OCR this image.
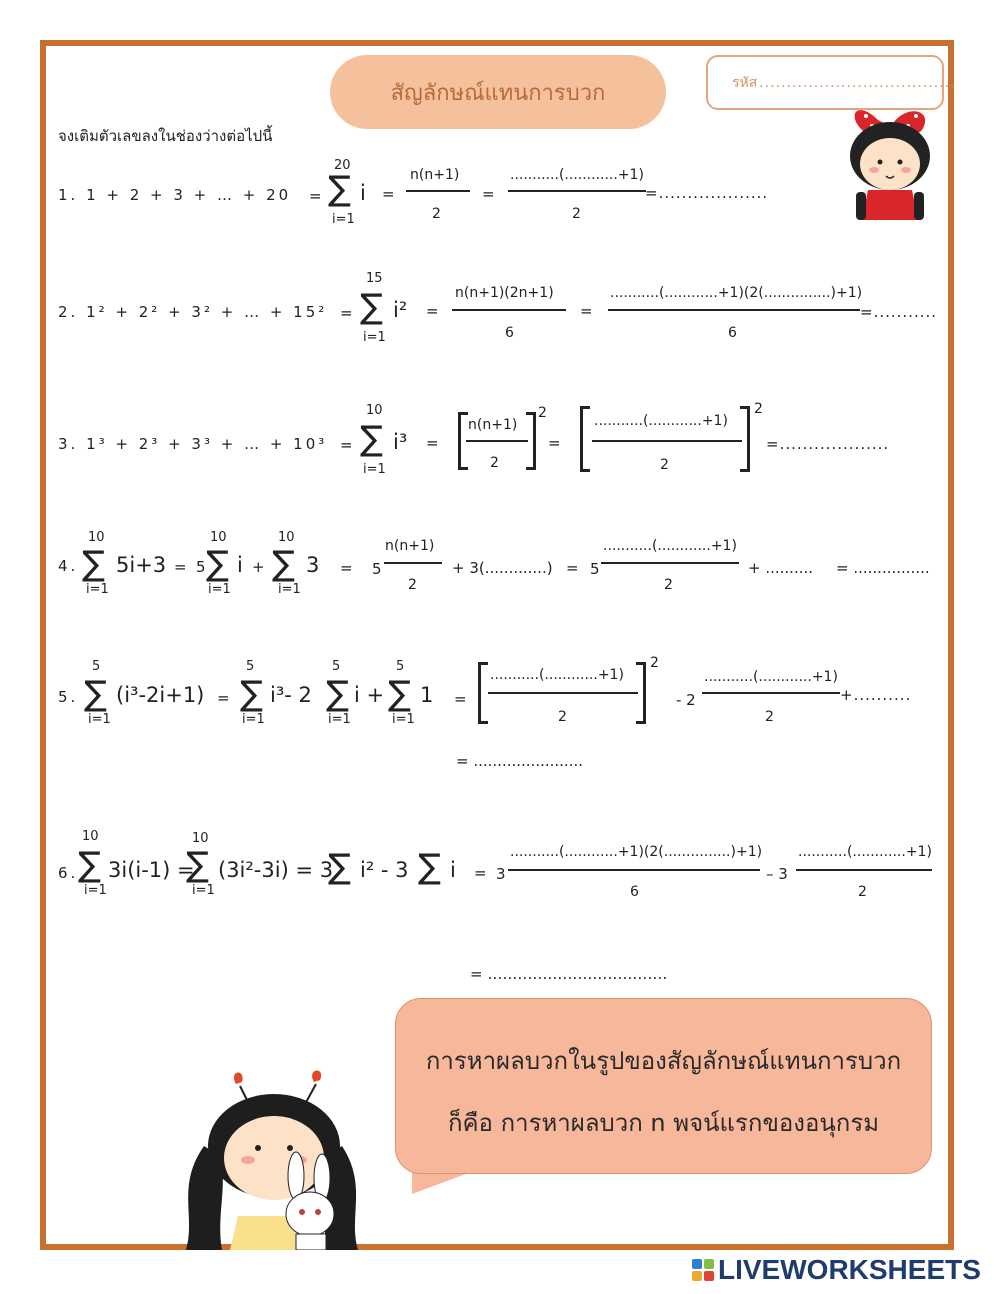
สัญลักษณ์แทนการบวก	รหัส ....................................
จงเติมตัวเลขลงในช่องว่างต่อไปนี้
1. 1 + 2 + 3 + … + 20 =
20
∑
i=1
i =
n(n+1)
2
=
...........(............+1)
2
=...................
2. 1² + 2² + 3² + … + 15² =
15
∑
i=1
i² =
n(n+1)(2n+1)
6
=
...........(............+1)(2(...............)+1)
6
=...........
3. 1³ + 2³ + 3³ + … + 10³ =
10
∑
i=1
i³ =
n(n+1)
2
2
=
...........(............+1)
2
2
=...................
4.
10
∑
i=1
5i+3 = 5
10
∑
i=1
i +
10
∑
i=1
3 = 5
n(n+1)
2
+ 3(.............) = 5
...........(............+1)
2
+ .......... = ................
5.
5
∑
i=1
(i³-2i+1) =
5
∑
i=1
i³- 2
5
∑
i=1
i +
5
∑
i=1
1 =
...........(............+1)
2
2
- 2
...........(............+1)
2
+..........
= .......................
6.
10
∑
i=1
3i(i-1) =
10
∑
i=1
(3i²-3i) = 3
∑ i² - 3 ∑ i = 3
...........(............+1)(2(...............)+1)
6
– 3
...........(............+1)
2
= ………………………………
การหาผลบวกในรูปของสัญลักษณ์แทนการบวก
ก็คือ การหาผลบวก n พจน์แรกของอนุกรม
LIVEWORKSHEETS
